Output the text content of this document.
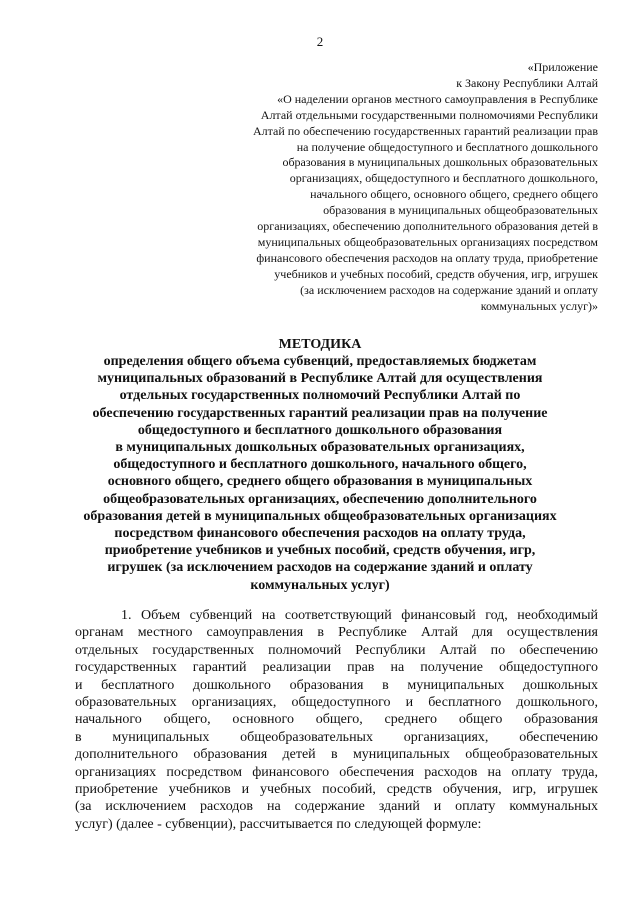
2
«Приложение
к Закону Республики Алтай
«О наделении органов местного самоуправления в Республике
Алтай отдельными государственными полномочиями Республики
Алтай по обеспечению государственных гарантий реализации прав
на получение общедоступного и бесплатного дошкольного
образования в муниципальных дошкольных образовательных
организациях, общедоступного и бесплатного дошкольного,
начального общего, основного общего, среднего общего
образования в муниципальных общеобразовательных
организациях, обеспечению дополнительного образования детей в
муниципальных общеобразовательных организациях посредством
финансового обеспечения расходов на оплату труда, приобретение
учебников и учебных пособий, средств обучения, игр, игрушек
(за исключением расходов на содержание зданий и оплату
коммунальных услуг)»
МЕТОДИКА
определения общего объема субвенций, предоставляемых бюджетам
муниципальных образований в Республике Алтай для осуществления
отдельных государственных полномочий Республики Алтай по
обеспечению государственных гарантий реализации прав на получение
общедоступного и бесплатного дошкольного образования
в муниципальных дошкольных образовательных организациях,
общедоступного и бесплатного дошкольного, начального общего,
основного общего, среднего общего образования в муниципальных
общеобразовательных организациях, обеспечению дополнительного
образования детей в муниципальных общеобразовательных организациях
посредством финансового обеспечения расходов на оплату труда,
приобретение учебников и учебных пособий, средств обучения, игр,
игрушек (за исключением расходов на содержание зданий и оплату
коммунальных услуг)
1. Объем субвенций на соответствующий финансовый год, необходимый
органам местного самоуправления в Республике Алтай для осуществления
отдельных государственных полномочий Республики Алтай по обеспечению
государственных гарантий реализации прав на получение общедоступного
и бесплатного дошкольного образования в муниципальных дошкольных
образовательных организациях, общедоступного и бесплатного дошкольного,
начального общего, основного общего, среднего общего образования
в муниципальных общеобразовательных организациях, обеспечению
дополнительного образования детей в муниципальных общеобразовательных
организациях посредством финансового обеспечения расходов на оплату труда,
приобретение учебников и учебных пособий, средств обучения, игр, игрушек
(за исключением расходов на содержание зданий и оплату коммунальных
услуг) (далее - субвенции), рассчитывается по следующей формуле:
